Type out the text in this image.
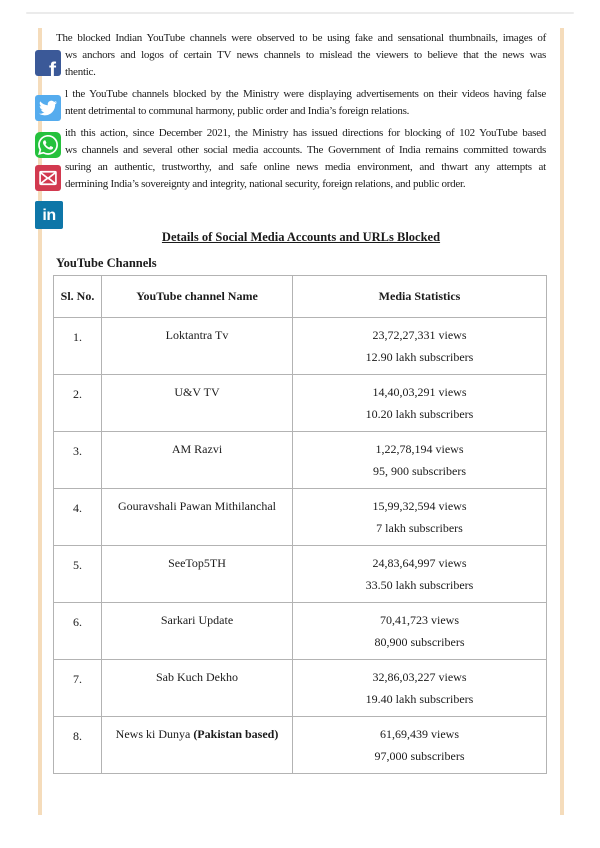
f
in
The blocked Indian YouTube channels were observed to be using fake and sensational thumbnails, images of
ws anchors and logos of certain TV news channels to mislead the viewers to believe that the news was
thentic.
l the YouTube channels blocked by the Ministry were displaying advertisements on their videos having false
ntent detrimental to communal harmony, public order and India’s foreign relations.
ith this action, since December 2021, the Ministry has issued directions for blocking of 102 YouTube based
ws channels and several other social media accounts. The Government of India remains committed towards
suring an authentic, trustworthy, and safe online news media environment, and thwart any attempts at
dermining India’s sovereignty and integrity, national security, foreign relations, and public order.
Details of Social Media Accounts and URLs Blocked
YouTube Channels
Sl. No.	YouTube channel Name	Media Statistics
1.	Loktantra Tv	23,72,27,331 views
12.90 lakh subscribers

2.	U&V TV	14,40,03,291 views
10.20 lakh subscribers

3.	AM Razvi	1,22,78,194 views
95, 900 subscribers

4.	Gouravshali Pawan Mithilanchal	15,99,32,594 views
7 lakh subscribers

5.	SeeTop5TH	24,83,64,997 views
33.50 lakh subscribers

6.	Sarkari Update	70,41,723 views
80,900 subscribers

7.	Sab Kuch Dekho	32,86,03,227 views
19.40 lakh subscribers

8.	News ki Dunya (Pakistan based)	61,69,439 views
97,000 subscribers
